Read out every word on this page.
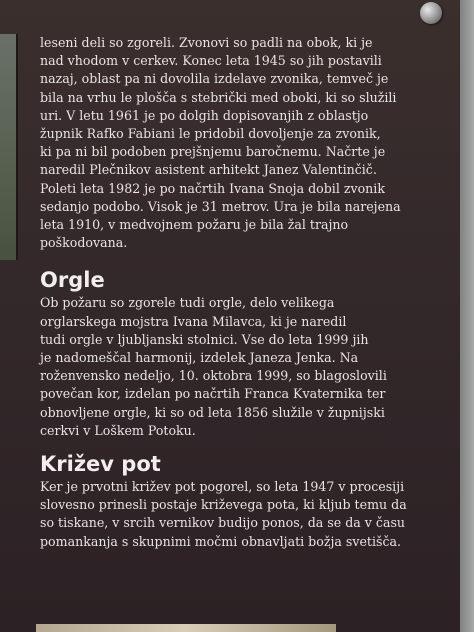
leseni deli so zgoreli. Zvonovi so padli na obok, ki je
nad vhodom v cerkev. Konec leta 1945 so jih postavili
nazaj, oblast pa ni dovolila izdelave zvonika, temveč je
bila na vrhu le plošča s stebrički med oboki, ki so služili
uri. V letu 1961 je po dolgih dopisovanjih z oblastjo
župnik Rafko Fabiani le pridobil dovoljenje za zvonik,
ki pa ni bil podoben prejšnjemu baročnemu. Načrte je
naredil Plečnikov asistent arhitekt Janez Valentinčič.
Poleti leta 1982 je po načrtih Ivana Snoja dobil zvonik
sedanjo podobo. Visok je 31 metrov. Ura je bila narejena
leta 1910, v medvojnem požaru je bila žal trajno
poškodovana.

Orgle

Ob požaru so zgorele tudi orgle, delo velikega
orglarskega mojstra Ivana Milavca, ki je naredil
tudi orgle v ljubljanski stolnici. Vse do leta 1999 jih
je nadomeščal harmonij, izdelek Janeza Jenka. Na
roženvensko nedeljo, 10. oktobra 1999, so blagoslovili
povečan kor, izdelan po načrtih Franca Kvaternika ter
obnovljene orgle, ki so od leta 1856 služile v župnijski
cerkvi v Loškem Potoku.

Križev pot

Ker je prvotni križev pot pogorel, so leta 1947 v procesiji
slovesno prinesli postaje križevega pota, ki kljub temu da
so tiskane, v srcih vernikov budijo ponos, da se da v času
pomankanja s skupnimi močmi obnavljati božja svetišča.
